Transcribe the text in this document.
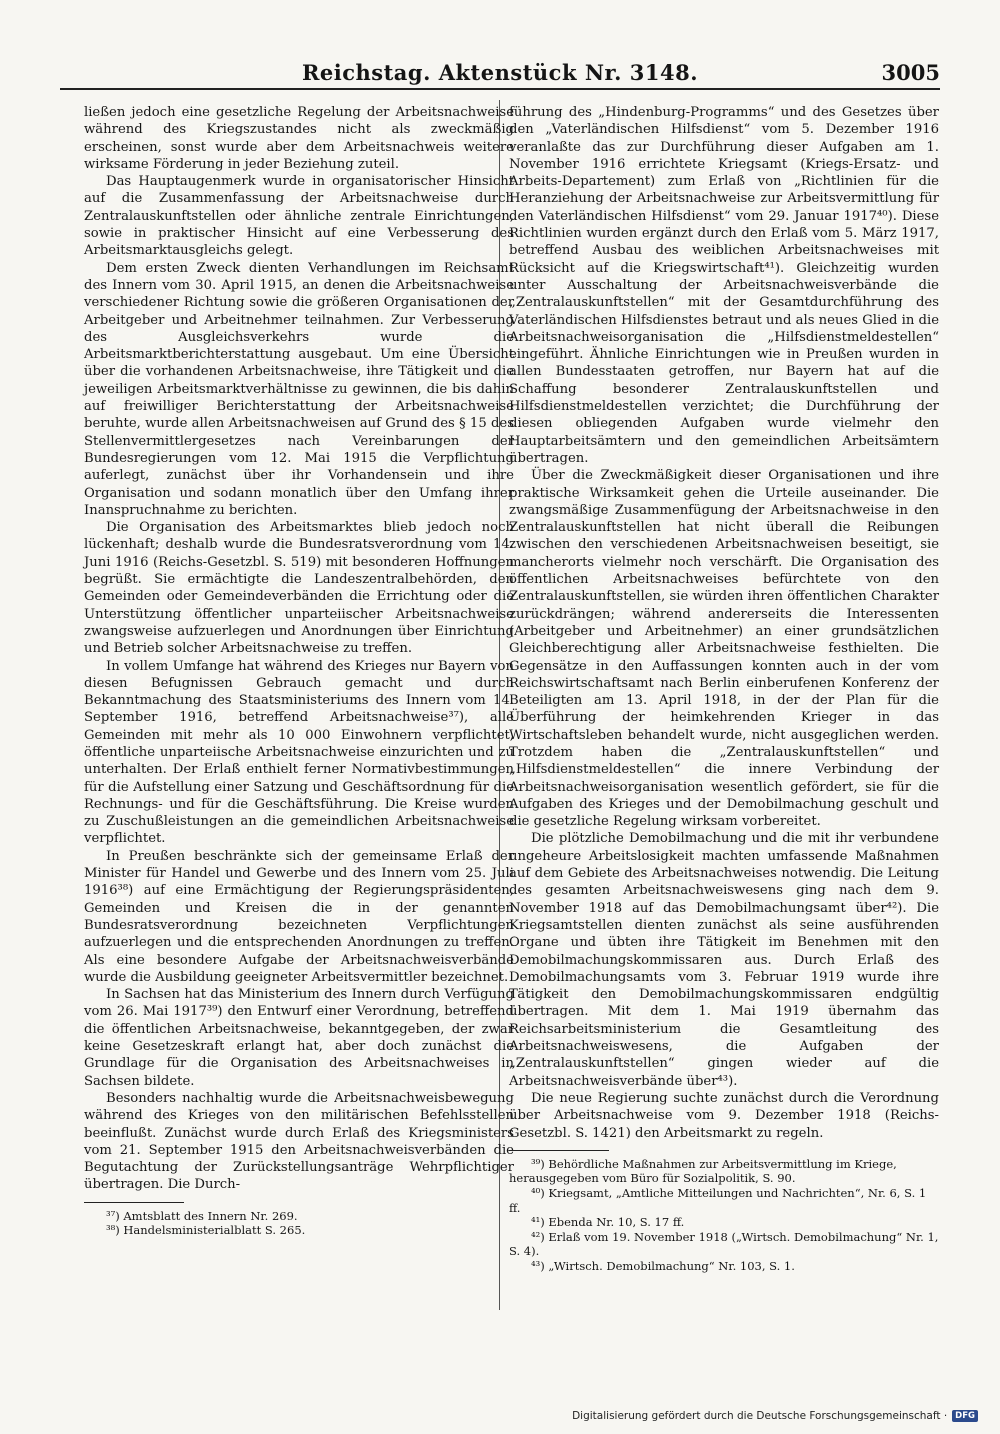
Reichstag. Aktenstück Nr. 3148.	3005

ließen jedoch eine gesetzliche Regelung der Arbeitsnachweise während des Kriegszustandes nicht als zweckmäßig erscheinen, sonst wurde aber dem Arbeitsnachweis weitere wirksame Förderung in jeder Beziehung zuteil.

Das Hauptaugenmerk wurde in organisatorischer Hinsicht auf die Zusammenfassung der Arbeitsnachweise durch Zentralauskunftstellen oder ähnliche zentrale Einrichtungen, sowie in praktischer Hinsicht auf eine Verbesserung des Arbeitsmarktausgleichs gelegt.

Dem ersten Zweck dienten Verhandlungen im Reichsamt des Innern vom 30. April 1915, an denen die Arbeitsnachweise verschiedener Richtung sowie die größeren Organisationen der Arbeitgeber und Arbeitnehmer teilnahmen. Zur Verbesserung des Ausgleichsverkehrs wurde die Arbeitsmarktberichterstattung ausgebaut. Um eine Übersicht über die vorhandenen Arbeitsnachweise, ihre Tätigkeit und die jeweiligen Arbeitsmarktverhältnisse zu gewinnen, die bis dahin auf freiwilliger Berichterstattung der Arbeitsnachweise beruhte, wurde allen Arbeitsnachweisen auf Grund des § 15 des Stellenvermittlergesetzes nach Vereinbarungen der Bundesregierungen vom 12. Mai 1915 die Verpflichtung auferlegt, zunächst über ihr Vorhandensein und ihre Organisation und sodann monatlich über den Umfang ihrer Inanspruchnahme zu berichten.

Die Organisation des Arbeitsmarktes blieb jedoch noch lückenhaft; deshalb wurde die Bundesratsverordnung vom 14. Juni 1916 (Reichs-Gesetzbl. S. 519) mit besonderen Hoffnungen begrüßt. Sie ermächtigte die Landeszentralbehörden, den Gemeinden oder Gemeindeverbänden die Errichtung oder die Unterstützung öffentlicher unparteiischer Arbeitsnachweise zwangsweise aufzuerlegen und Anordnungen über Einrichtung und Betrieb solcher Arbeitsnachweise zu treffen.

In vollem Umfange hat während des Krieges nur Bayern von diesen Befugnissen Gebrauch gemacht und durch Bekanntmachung des Staatsministeriums des Innern vom 14. September 1916, betreffend Arbeitsnachweise³⁷), alle Gemeinden mit mehr als 10 000 Einwohnern verpflichtet, öffentliche unparteiische Arbeitsnachweise einzurichten und zu unterhalten. Der Erlaß enthielt ferner Normativbestimmungen für die Aufstellung einer Satzung und Geschäftsordnung für die Rechnungs- und für die Geschäftsführung. Die Kreise wurden zu Zuschußleistungen an die gemeindlichen Arbeitsnachweise verpflichtet.

In Preußen beschränkte sich der gemeinsame Erlaß der Minister für Handel und Gewerbe und des Innern vom 25. Juli 1916³⁸) auf eine Ermächtigung der Regierungspräsidenten, Gemeinden und Kreisen die in der genannten Bundesratsverordnung bezeichneten Verpflichtungen aufzuerlegen und die entsprechenden Anordnungen zu treffen. Als eine besondere Aufgabe der Arbeitsnachweisverbände wurde die Ausbildung geeigneter Arbeitsvermittler bezeichnet.

In Sachsen hat das Ministerium des Innern durch Verfügung vom 26. Mai 1917³⁹) den Entwurf einer Verordnung, betreffend die öffentlichen Arbeitsnachweise, bekanntgegeben, der zwar keine Gesetzeskraft erlangt hat, aber doch zunächst die Grundlage für die Organisation des Arbeitsnachweises in Sachsen bildete.

Besonders nachhaltig wurde die Arbeitsnachweisbewegung während des Krieges von den militärischen Befehlsstellen beeinflußt. Zunächst wurde durch Erlaß des Kriegsministers vom 21. September 1915 den Arbeitsnachweisverbänden die Begutachtung der Zurückstellungsanträge Wehrpflichtiger übertragen. Die Durch-

³⁷) Amtsblatt des Innern Nr. 269.

³⁸) Handelsministerialblatt S. 265.

führung des „Hindenburg-Programms“ und des Gesetzes über den „Vaterländischen Hilfsdienst“ vom 5. Dezember 1916 veranlaßte das zur Durchführung dieser Aufgaben am 1. November 1916 errichtete Kriegsamt (Kriegs-Ersatz- und Arbeits-Departement) zum Erlaß von „Richtlinien für die Heranziehung der Arbeitsnachweise zur Arbeitsvermittlung für den Vaterländischen Hilfsdienst“ vom 29. Januar 1917⁴⁰). Diese Richtlinien wurden ergänzt durch den Erlaß vom 5. März 1917, betreffend Ausbau des weiblichen Arbeitsnachweises mit Rücksicht auf die Kriegswirtschaft⁴¹). Gleichzeitig wurden unter Ausschaltung der Arbeitsnachweisverbände die „Zentralauskunftstellen“ mit der Gesamtdurchführung des Vaterländischen Hilfsdienstes betraut und als neues Glied in die Arbeitsnachweisorganisation die „Hilfsdienstmeldestellen“ eingeführt. Ähnliche Einrichtungen wie in Preußen wurden in allen Bundesstaaten getroffen, nur Bayern hat auf die Schaffung besonderer Zentralauskunftstellen und Hilfsdienstmeldestellen verzichtet; die Durchführung der diesen obliegenden Aufgaben wurde vielmehr den Hauptarbeitsämtern und den gemeindlichen Arbeitsämtern übertragen.

Über die Zweckmäßigkeit dieser Organisationen und ihre praktische Wirksamkeit gehen die Urteile auseinander. Die zwangsmäßige Zusammenfügung der Arbeitsnachweise in den Zentralauskunftstellen hat nicht überall die Reibungen zwischen den verschiedenen Arbeitsnachweisen beseitigt, sie mancherorts vielmehr noch verschärft. Die Organisation des öffentlichen Arbeitsnachweises befürchtete von den Zentralauskunftstellen, sie würden ihren öffentlichen Charakter zurückdrängen; während andererseits die Interessenten (Arbeitgeber und Arbeitnehmer) an einer grundsätzlichen Gleichberechtigung aller Arbeitsnachweise festhielten. Die Gegensätze in den Auffassungen konnten auch in der vom Reichswirtschaftsamt nach Berlin einberufenen Konferenz der Beteiligten am 13. April 1918, in der der Plan für die Überführung der heimkehrenden Krieger in das Wirtschaftsleben behandelt wurde, nicht ausgeglichen werden. Trotzdem haben die „Zentralauskunftstellen“ und „Hilfsdienstmeldestellen“ die innere Verbindung der Arbeitsnachweisorganisation wesentlich gefördert, sie für die Aufgaben des Krieges und der Demobilmachung geschult und die gesetzliche Regelung wirksam vorbereitet.

Die plötzliche Demobilmachung und die mit ihr verbundene ungeheure Arbeitslosigkeit machten umfassende Maßnahmen auf dem Gebiete des Arbeitsnachweises notwendig. Die Leitung des gesamten Arbeitsnachweiswesens ging nach dem 9. November 1918 auf das Demobilmachungsamt über⁴²). Die Kriegsamtstellen dienten zunächst als seine ausführenden Organe und übten ihre Tätigkeit im Benehmen mit den Demobilmachungskommissaren aus. Durch Erlaß des Demobilmachungsamts vom 3. Februar 1919 wurde ihre Tätigkeit den Demobilmachungskommissaren endgültig übertragen. Mit dem 1. Mai 1919 übernahm das Reichsarbeitsministerium die Gesamtleitung des Arbeitsnachweiswesens, die Aufgaben der „Zentralauskunftstellen“ gingen wieder auf die Arbeitsnachweisverbände über⁴³).

Die neue Regierung suchte zunächst durch die Verordnung über Arbeitsnachweise vom 9. Dezember 1918 (Reichs-Gesetzbl. S. 1421) den Arbeitsmarkt zu regeln.

³⁹) Behördliche Maßnahmen zur Arbeitsvermittlung im Kriege, herausgegeben vom Büro für Sozialpolitik, S. 90.

⁴⁰) Kriegsamt, „Amtliche Mitteilungen und Nachrichten“, Nr. 6, S. 1 ff.

⁴¹) Ebenda Nr. 10, S. 17 ff.

⁴²) Erlaß vom 19. November 1918 („Wirtsch. Demobilmachung“ Nr. 1, S. 4).

⁴³) „Wirtsch. Demobilmachung“ Nr. 103, S. 1.

Digitalisierung gefördert durch die Deutsche Forschungsgemeinschaft · DFG
